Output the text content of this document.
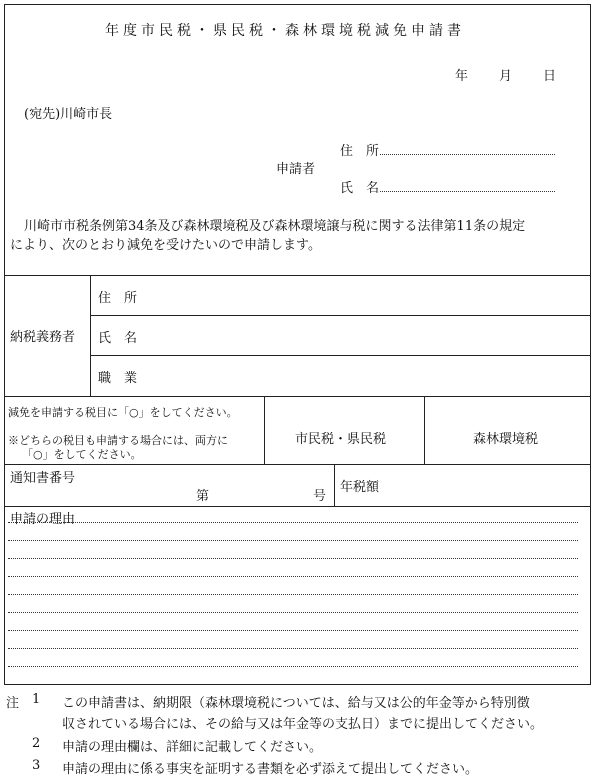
年度市民税・県民税・森林環境税減免申請書
年 月 日
(宛先)川崎市長
申請者
住　所
氏　名
川崎市市税条例第34条及び森林環境税及び森林環境譲与税に関する法律第11条の規定
により、次のとおり減免を受けたいので申請します。
納税義務者
住　所
氏　名
職　業
減免を申請する税目に「○」をしてください。
※どちらの税目も申請する場合には、両方に
「○」をしてください。
市民税・県民税	森林環境税
通知書番号
第	号
年税額
申請の理由
注 1 この申請書は、納期限（森林環境税については、給与又は公的年金等から特別徴
収されている場合には、その給与又は年金等の支払日）までに提出してください。
2 申請の理由欄は、詳細に記載してください。
3 申請の理由に係る事実を証明する書類を必ず添えて提出してください。
